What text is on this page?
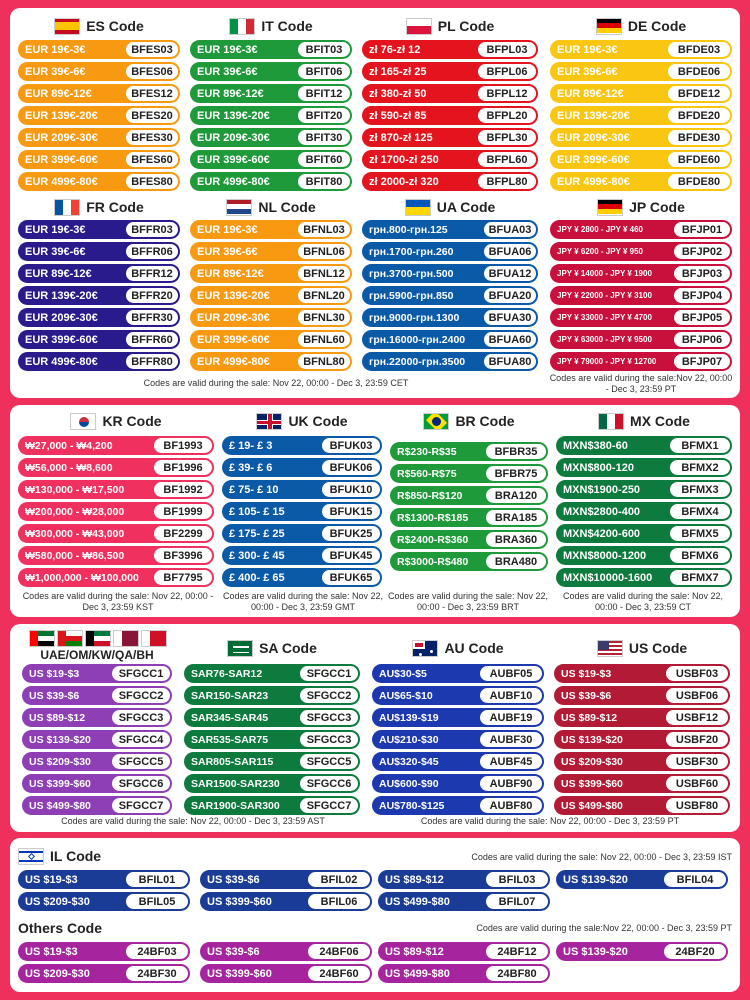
ES Code	IT Code	PL Code	DE Code
FR Code	NL Code	UA Code	JP Code
Codes are valid during the sale: Nov 22, 00:00 - Dec 3, 23:59 CET	Codes are valid during the sale:Nov 22, 00:00 - Dec 3, 23:59 PT
KR Code	UK Code	BR Code	MX Code
Codes are valid during the sale: Nov 22, 00:00 - Dec 3, 23:59 KST
Codes are valid during the sale: Nov 22, 00:00 - Dec 3, 23:59 GMT
Codes are valid during the sale: Nov 22, 00:00 - Dec 3, 23:59 BRT
Codes are valid during the sale: Nov 22, 00:00 - Dec 3, 23:59 CT
UAE/OM/KW/QA/BH	SA Code	AU Code	US Code
Codes are valid during the sale: Nov 22, 00:00 - Dec 3, 23:59 AST	Codes are valid during the sale: Nov 22, 00:00 - Dec 3, 23:59 PT
IL Code	Codes are valid during the sale: Nov 22, 00:00 - Dec 3, 23:59 IST
Others Code	Codes are valid during the sale:Nov 22, 00:00 - Dec 3, 23:59 PT
EUR 19€-3€	BFES03
EUR 39€-6€	BFES06
EUR 89€-12€	BFES12
EUR 139€-20€	BFES20
EUR 209€-30€	BFES30
EUR 399€-60€	BFES60
EUR 499€-80€	BFES80
EUR 19€-3€	BFIT03
EUR 39€-6€	BFIT06
EUR 89€-12€	BFIT12
EUR 139€-20€	BFIT20
EUR 209€-30€	BFIT30
EUR 399€-60€	BFIT60
EUR 499€-80€	BFIT80
zł 76-zł 12	BFPL03
zł 165-zł 25	BFPL06
zł 380-zł 50	BFPL12
zł 590-zł 85	BFPL20
zł 870-zł 125	BFPL30
zł 1700-zł 250	BFPL60
zł 2000-zł 320	BFPL80
EUR 19€-3€	BFDE03
EUR 39€-6€	BFDE06
EUR 89€-12€	BFDE12
EUR 139€-20€	BFDE20
EUR 209€-30€	BFDE30
EUR 399€-60€	BFDE60
EUR 499€-80€	BFDE80
EUR 19€-3€	BFFR03
EUR 39€-6€	BFFR06
EUR 89€-12€	BFFR12
EUR 139€-20€	BFFR20
EUR 209€-30€	BFFR30
EUR 399€-60€	BFFR60
EUR 499€-80€	BFFR80
EUR 19€-3€	BFNL03
EUR 39€-6€	BFNL06
EUR 89€-12€	BFNL12
EUR 139€-20€	BFNL20
EUR 209€-30€	BFNL30
EUR 399€-60€	BFNL60
EUR 499€-80€	BFNL80
грн.800-грн.125	BFUA03
грн.1700-грн.260	BFUA06
грн.3700-грн.500	BFUA12
грн.5900-грн.850	BFUA20
грн.9000-грн.1300	BFUA30
грн.16000-грн.2400	BFUA60
грн.22000-грн.3500	BFUA80
JPY ¥ 2800 - JPY ¥ 460	BFJP01
JPY ¥ 6200 - JPY ¥ 950	BFJP02
JPY ¥ 14000 - JPY ¥ 1900	BFJP03
JPY ¥ 22000 - JPY ¥ 3100	BFJP04
JPY ¥ 33000 - JPY ¥ 4700	BFJP05
JPY ¥ 63000 - JPY ¥ 9500	BFJP06
JPY ¥ 79000 - JPY ¥ 12700	BFJP07
₩27,000 - ₩4,200	BF1993
₩56,000 - ₩8,600	BF1996
₩130,000 - ₩17,500	BF1992
₩200,000 - ₩28,000	BF1999
₩300,000 - ₩43,000	BF2299
₩580,000 - ₩86,500	BF3996
₩1,000,000 - ₩100,000	BF7795
£ 19- £ 3	BFUK03
£ 39- £ 6	BFUK06
£ 75- £ 10	BFUK10
£ 105- £ 15	BFUK15
£ 175- £ 25	BFUK25
£ 300- £ 45	BFUK45
£ 400- £ 65	BFUK65
R$230-R$35	BFBR35
R$560-R$75	BFBR75
R$850-R$120	BRA120
R$1300-R$185	BRA185
R$2400-R$360	BRA360
R$3000-R$480	BRA480
MXN$380-60	BFMX1
MXN$800-120	BFMX2
MXN$1900-250	BFMX3
MXN$2800-400	BFMX4
MXN$4200-600	BFMX5
MXN$8000-1200	BFMX6
MXN$10000-1600	BFMX7
US $19-$3	SFGCC1
US $39-$6	SFGCC2
US $89-$12	SFGCC3
US $139-$20	SFGCC4
US $209-$30	SFGCC5
US $399-$60	SFGCC6
US $499-$80	SFGCC7
SAR76-SAR12	SFGCC1
SAR150-SAR23	SFGCC2
SAR345-SAR45	SFGCC3
SAR535-SAR75	SFGCC3
SAR805-SAR115	SFGCC5
SAR1500-SAR230	SFGCC6
SAR1900-SAR300	SFGCC7
AU$30-$5	AUBF05
AU$65-$10	AUBF10
AU$139-$19	AUBF19
AU$210-$30	AUBF30
AU$320-$45	AUBF45
AU$600-$90	AUBF90
AU$780-$125	AUBF80
US $19-$3	USBF03
US $39-$6	USBF06
US $89-$12	USBF12
US $139-$20	USBF20
US $209-$30	USBF30
US $399-$60	USBF60
US $499-$80	USBF80
US $19-$3	BFIL01	US $39-$6	BFIL02	US $89-$12	BFIL03	US $139-$20	BFIL04
US $209-$30	BFIL05	US $399-$60	BFIL06	US $499-$80	BFIL07
US $19-$3	24BF03	US $39-$6	24BF06	US $89-$12	24BF12	US $139-$20	24BF20
US $209-$30	24BF30	US $399-$60	24BF60	US $499-$80	24BF80
